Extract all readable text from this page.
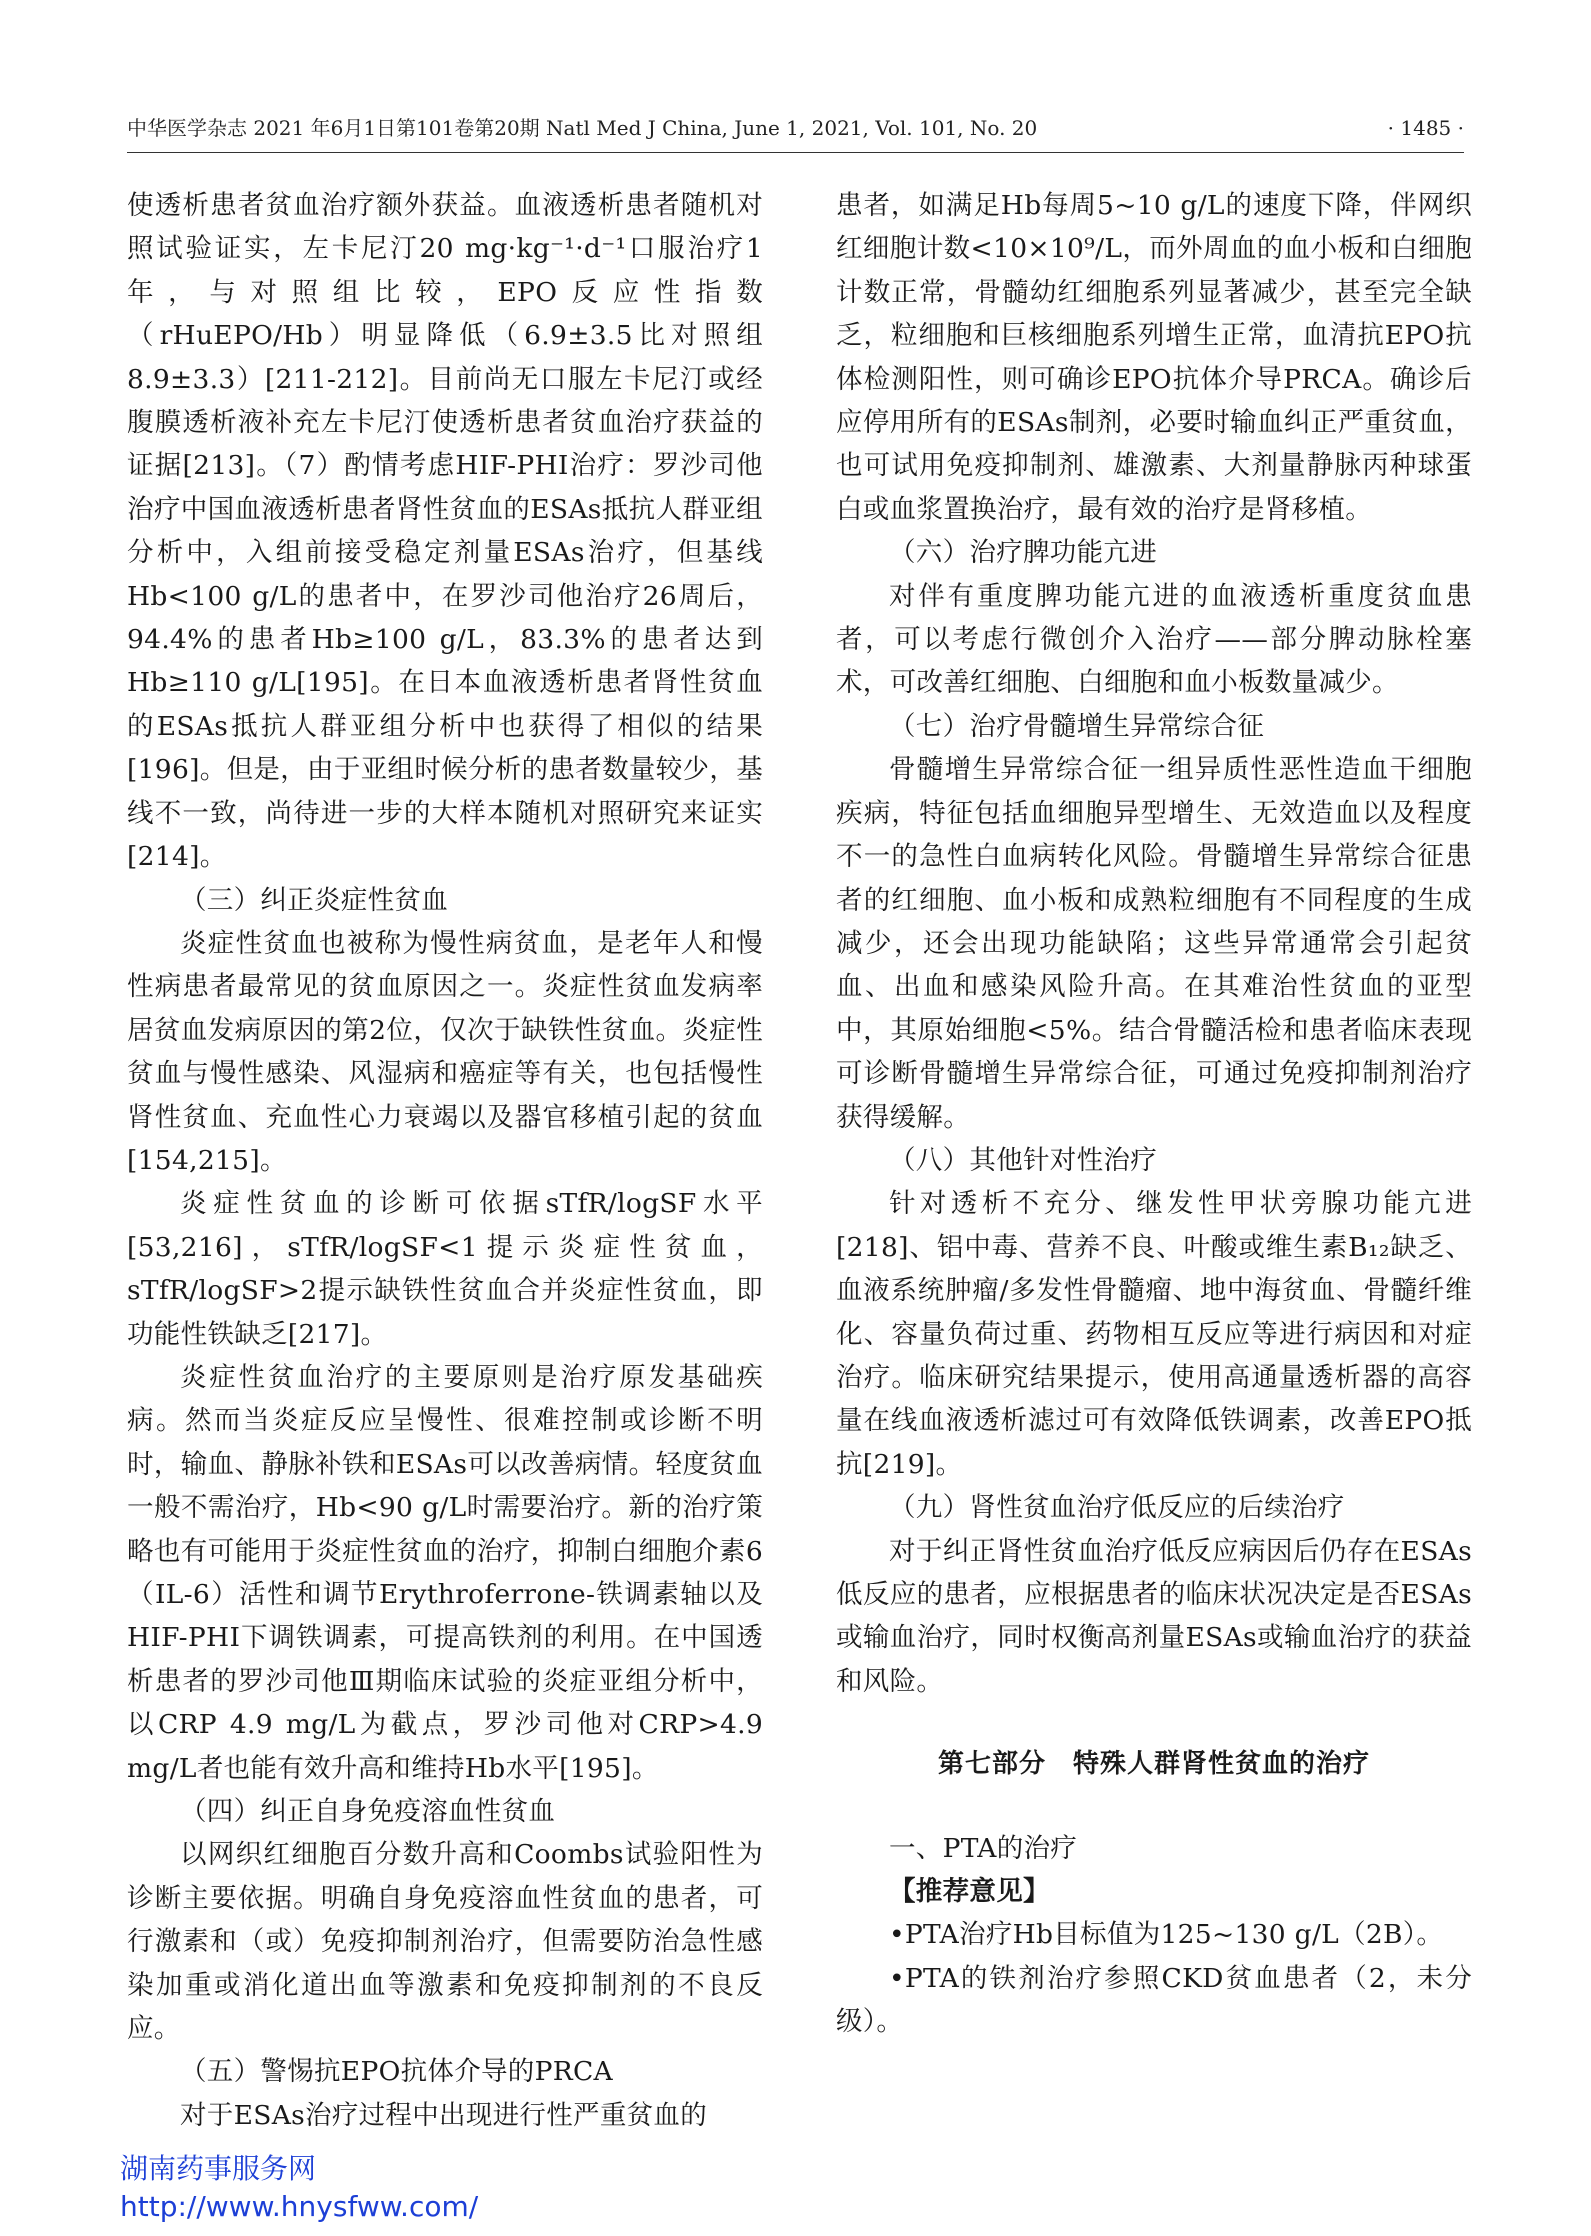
中华医学杂志 2021 年6月1日第101卷第20期 Natl Med J China, June 1, 2021, Vol. 101, No. 20	· 1485 ·

使透析患者贫血治疗额外获益。血液透析患者随机对照试验证实，左卡尼汀20 mg·kg⁻¹·d⁻¹口服治疗1年，与对照组比较，EPO反应性指数（rHuEPO/Hb）明显降低（6.9±3.5比对照组8.9±3.3）[211-212]。目前尚无口服左卡尼汀或经腹膜透析液补充左卡尼汀使透析患者贫血治疗获益的证据[213]。（7）酌情考虑HIF-PHI治疗：罗沙司他治疗中国血液透析患者肾性贫血的ESAs抵抗人群亚组分析中，入组前接受稳定剂量ESAs治疗，但基线Hb<100 g/L的患者中，在罗沙司他治疗26周后，94.4%的患者Hb≥100 g/L，83.3%的患者达到Hb≥110 g/L[195]。在日本血液透析患者肾性贫血的ESAs抵抗人群亚组分析中也获得了相似的结果[196]。但是，由于亚组时候分析的患者数量较少，基线不一致，尚待进一步的大样本随机对照研究来证实[214]。

（三）纠正炎症性贫血

炎症性贫血也被称为慢性病贫血，是老年人和慢性病患者最常见的贫血原因之一。炎症性贫血发病率居贫血发病原因的第2位，仅次于缺铁性贫血。炎症性贫血与慢性感染、风湿病和癌症等有关，也包括慢性肾性贫血、充血性心力衰竭以及器官移植引起的贫血[154,215]。

炎症性贫血的诊断可依据sTfR/logSF水平[53,216]，sTfR/logSF<1提示炎症性贫血，sTfR/logSF>2提示缺铁性贫血合并炎症性贫血，即功能性铁缺乏[217]。

炎症性贫血治疗的主要原则是治疗原发基础疾病。然而当炎症反应呈慢性、很难控制或诊断不明时，输血、静脉补铁和ESAs可以改善病情。轻度贫血一般不需治疗，Hb<90 g/L时需要治疗。新的治疗策略也有可能用于炎症性贫血的治疗，抑制白细胞介素6（IL-6）活性和调节Erythroferrone-铁调素轴以及HIF-PHI下调铁调素，可提高铁剂的利用。在中国透析患者的罗沙司他Ⅲ期临床试验的炎症亚组分析中，以CRP 4.9 mg/L为截点，罗沙司他对CRP>4.9 mg/L者也能有效升高和维持Hb水平[195]。

（四）纠正自身免疫溶血性贫血

以网织红细胞百分数升高和Coombs试验阳性为诊断主要依据。明确自身免疫溶血性贫血的患者，可行激素和（或）免疫抑制剂治疗，但需要防治急性感染加重或消化道出血等激素和免疫抑制剂的不良反应。

（五）警惕抗EPO抗体介导的PRCA

对于ESAs治疗过程中出现进行性严重贫血的

患者，如满足Hb每周5~10 g/L的速度下降，伴网织红细胞计数<10×10⁹/L，而外周血的血小板和白细胞计数正常，骨髓幼红细胞系列显著减少，甚至完全缺乏，粒细胞和巨核细胞系列增生正常，血清抗EPO抗体检测阳性，则可确诊EPO抗体介导PRCA。确诊后应停用所有的ESAs制剂，必要时输血纠正严重贫血，也可试用免疫抑制剂、雄激素、大剂量静脉丙种球蛋白或血浆置换治疗，最有效的治疗是肾移植。

（六）治疗脾功能亢进

对伴有重度脾功能亢进的血液透析重度贫血患者，可以考虑行微创介入治疗——部分脾动脉栓塞术，可改善红细胞、白细胞和血小板数量减少。

（七）治疗骨髓增生异常综合征

骨髓增生异常综合征一组异质性恶性造血干细胞疾病，特征包括血细胞异型增生、无效造血以及程度不一的急性白血病转化风险。骨髓增生异常综合征患者的红细胞、血小板和成熟粒细胞有不同程度的生成减少，还会出现功能缺陷；这些异常通常会引起贫血、出血和感染风险升高。在其难治性贫血的亚型中，其原始细胞<5%。结合骨髓活检和患者临床表现可诊断骨髓增生异常综合征，可通过免疫抑制剂治疗获得缓解。

（八）其他针对性治疗

针对透析不充分、继发性甲状旁腺功能亢进[218]、铝中毒、营养不良、叶酸或维生素B₁₂缺乏、血液系统肿瘤/多发性骨髓瘤、地中海贫血、骨髓纤维化、容量负荷过重、药物相互反应等进行病因和对症治疗。临床研究结果提示，使用高通量透析器的高容量在线血液透析滤过可有效降低铁调素，改善EPO抵抗[219]。

（九）肾性贫血治疗低反应的后续治疗

对于纠正肾性贫血治疗低反应病因后仍存在ESAs低反应的患者，应根据患者的临床状况决定是否ESAs或输血治疗，同时权衡高剂量ESAs或输血治疗的获益和风险。

第七部分　特殊人群肾性贫血的治疗

一、PTA的治疗

【推荐意见】

•PTA治疗Hb目标值为125~130 g/L（2B）。

•PTA的铁剂治疗参照CKD贫血患者（2，未分级）。

湖南药事服务网
http://www.hnysfww.com/
